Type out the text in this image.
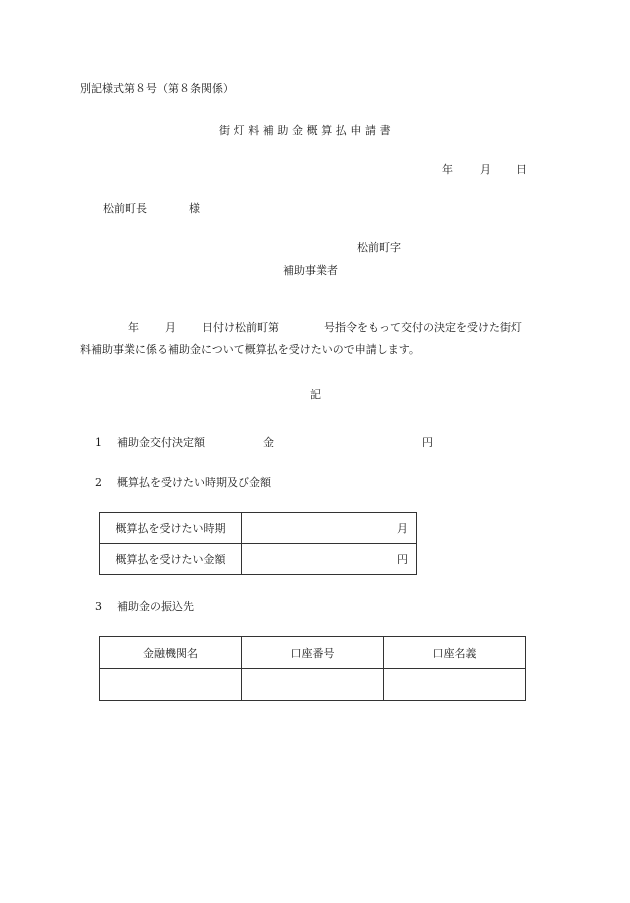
別記様式第８号（第８条関係）
街灯料補助金概算払申請書
年 月 日
松前町長	様
松前町字
補助事業者
年 月 日付け松前町第	号指令をもって交付の決定を受けた街灯
料補助事業に係る補助金について概算払を受けたいので申請します。
記
1 補助金交付決定額	金	円
2 概算払を受けたい時期及び金額
概算払を受けたい時期	月
概算払を受けたい金額	円
3 補助金の振込先
金融機関名	口座番号	口座名義
